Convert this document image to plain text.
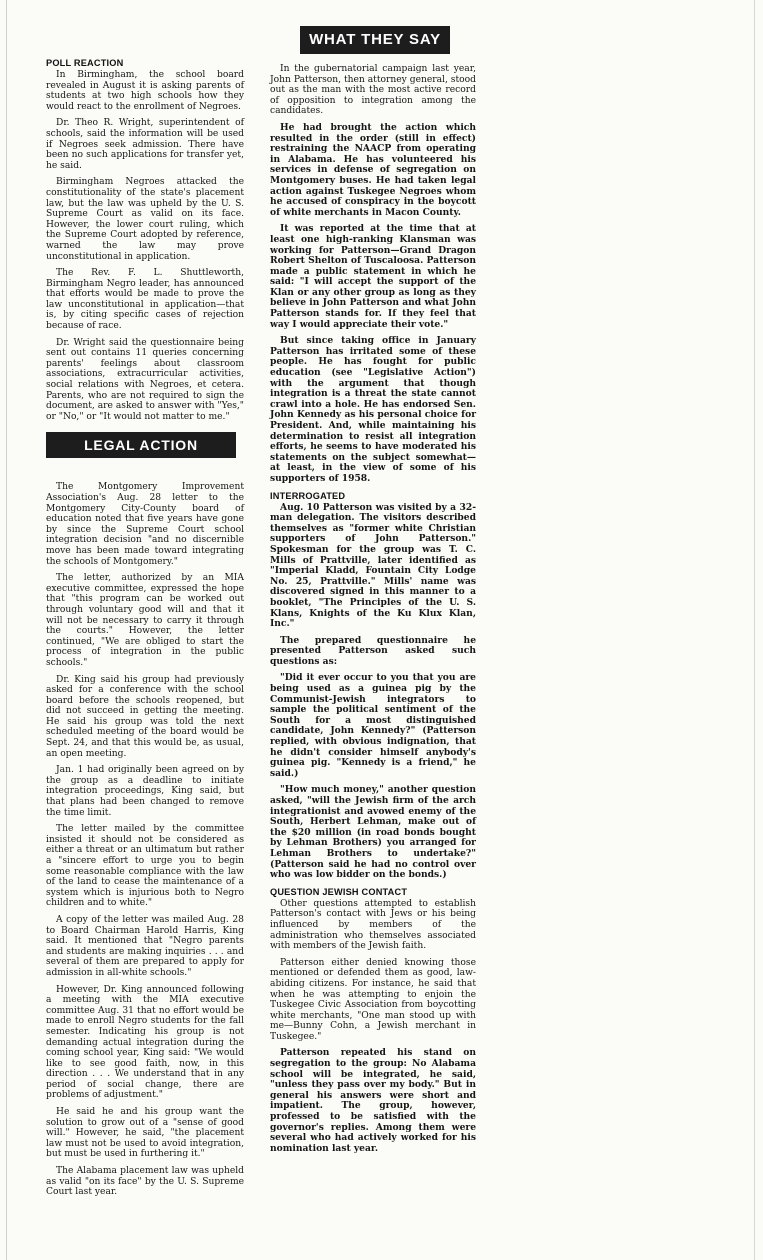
POLL REACTION

In Birmingham, the school board revealed in August it is asking parents of students at two high schools how they would react to the enrollment of Negroes.

Dr. Theo R. Wright, superintendent of schools, said the information will be used if Negroes seek admission. There have been no such applications for transfer yet, he said.

Birmingham Negroes attacked the constitutionality of the state's placement law, but the law was upheld by the U. S. Supreme Court as valid on its face. However, the lower court ruling, which the Supreme Court adopted by reference, warned the law may prove unconstitutional in application.

The Rev. F. L. Shuttleworth, Birmingham Negro leader, has announced that efforts would be made to prove the law unconstitutional in application—that is, by citing specific cases of rejection because of race.

Dr. Wright said the questionnaire being sent out contains 11 queries concerning parents' feelings about classroom associations, extracurricular activities, social relations with Negroes, et cetera. Parents, who are not required to sign the document, are asked to answer with "Yes," or "No," or "It would not matter to me."

LEGAL ACTION

The Montgomery Improvement Association's Aug. 28 letter to the Montgomery City-County board of education noted that five years have gone by since the Supreme Court school integration decision "and no discernible move has been made toward integrating the schools of Montgomery."

The letter, authorized by an MIA executive committee, expressed the hope that "this program can be worked out through voluntary good will and that it will not be necessary to carry it through the courts." However, the letter continued, "We are obliged to start the process of integration in the public schools."

Dr. King said his group had previously asked for a conference with the school board before the schools reopened, but did not succeed in getting the meeting. He said his group was told the next scheduled meeting of the board would be Sept. 24, and that this would be, as usual, an open meeting.

Jan. 1 had originally been agreed on by the group as a deadline to initiate integration proceedings, King said, but that plans had been changed to remove the time limit.

The letter mailed by the committee insisted it should not be considered as either a threat or an ultimatum but rather a "sincere effort to urge you to begin some reasonable compliance with the law of the land to cease the maintenance of a system which is injurious both to Negro children and to white."

A copy of the letter was mailed Aug. 28 to Board Chairman Harold Harris, King said. It mentioned that "Negro parents and students are making inquiries . . . and several of them are prepared to apply for admission in all-white schools."

However, Dr. King announced following a meeting with the MIA executive committee Aug. 31 that no effort would be made to enroll Negro students for the fall semester. Indicating his group is not demanding actual integration during the coming school year, King said: "We would like to see good faith, now, in this direction . . . We understand that in any period of social change, there are problems of adjustment."

He said he and his group want the solution to grow out of a "sense of good will." However, he said, "the placement law must not be used to avoid integration, but must be used in furthering it."

The Alabama placement law was upheld as valid "on its face" by the U. S. Supreme Court last year.

WHAT THEY SAY

In the gubernatorial campaign last year, John Patterson, then attorney general, stood out as the man with the most active record of opposition to integration among the candidates.

He had brought the action which resulted in the order (still in effect) restraining the NAACP from operating in Alabama. He has volunteered his services in defense of segregation on Montgomery buses. He had taken legal action against Tuskegee Negroes whom he accused of conspiracy in the boycott of white merchants in Macon County.

It was reported at the time that at least one high-ranking Klansman was working for Patterson—Grand Dragon Robert Shelton of Tuscaloosa. Patterson made a public statement in which he said: "I will accept the support of the Klan or any other group as long as they believe in John Patterson and what John Patterson stands for. If they feel that way I would appreciate their vote."

But since taking office in January Patterson has irritated some of these people. He has fought for public education (see "Legislative Action") with the argument that though integration is a threat the state cannot crawl into a hole. He has endorsed Sen. John Kennedy as his personal choice for President. And, while maintaining his determination to resist all integration efforts, he seems to have moderated his statements on the subject somewhat—at least, in the view of some of his supporters of 1958.

INTERROGATED

Aug. 10 Patterson was visited by a 32-man delegation. The visitors described themselves as "former white Christian supporters of John Patterson." Spokesman for the group was T. C. Mills of Prattville, later identified as "Imperial Kladd, Fountain City Lodge No. 25, Prattville." Mills' name was discovered signed in this manner to a booklet, "The Principles of the U. S. Klans, Knights of the Ku Klux Klan, Inc."

The prepared questionnaire he presented Patterson asked such questions as:

"Did it ever occur to you that you are being used as a guinea pig by the Communist-Jewish integrators to sample the political sentiment of the South for a most distinguished candidate, John Kennedy?" (Patterson replied, with obvious indignation, that he didn't consider himself anybody's guinea pig. "Kennedy is a friend," he said.)

"How much money," another question asked, "will the Jewish firm of the arch integrationist and avowed enemy of the South, Herbert Lehman, make out of the $20 million (in road bonds bought by Lehman Brothers) you arranged for Lehman Brothers to undertake?" (Patterson said he had no control over who was low bidder on the bonds.)

QUESTION JEWISH CONTACT

Other questions attempted to establish Patterson's contact with Jews or his being influenced by members of the administration who themselves associated with members of the Jewish faith.

Patterson either denied knowing those mentioned or defended them as good, law-abiding citizens. For instance, he said that when he was attempting to enjoin the Tuskegee Civic Association from boycotting white merchants, "One man stood up with me—Bunny Cohn, a Jewish merchant in Tuskegee."

Patterson repeated his stand on segregation to the group: No Alabama school will be integrated, he said, "unless they pass over my body." But in general his answers were short and impatient. The group, however, professed to be satisfied with the governor's replies. Among them were several who had actively worked for his nomination last year.
